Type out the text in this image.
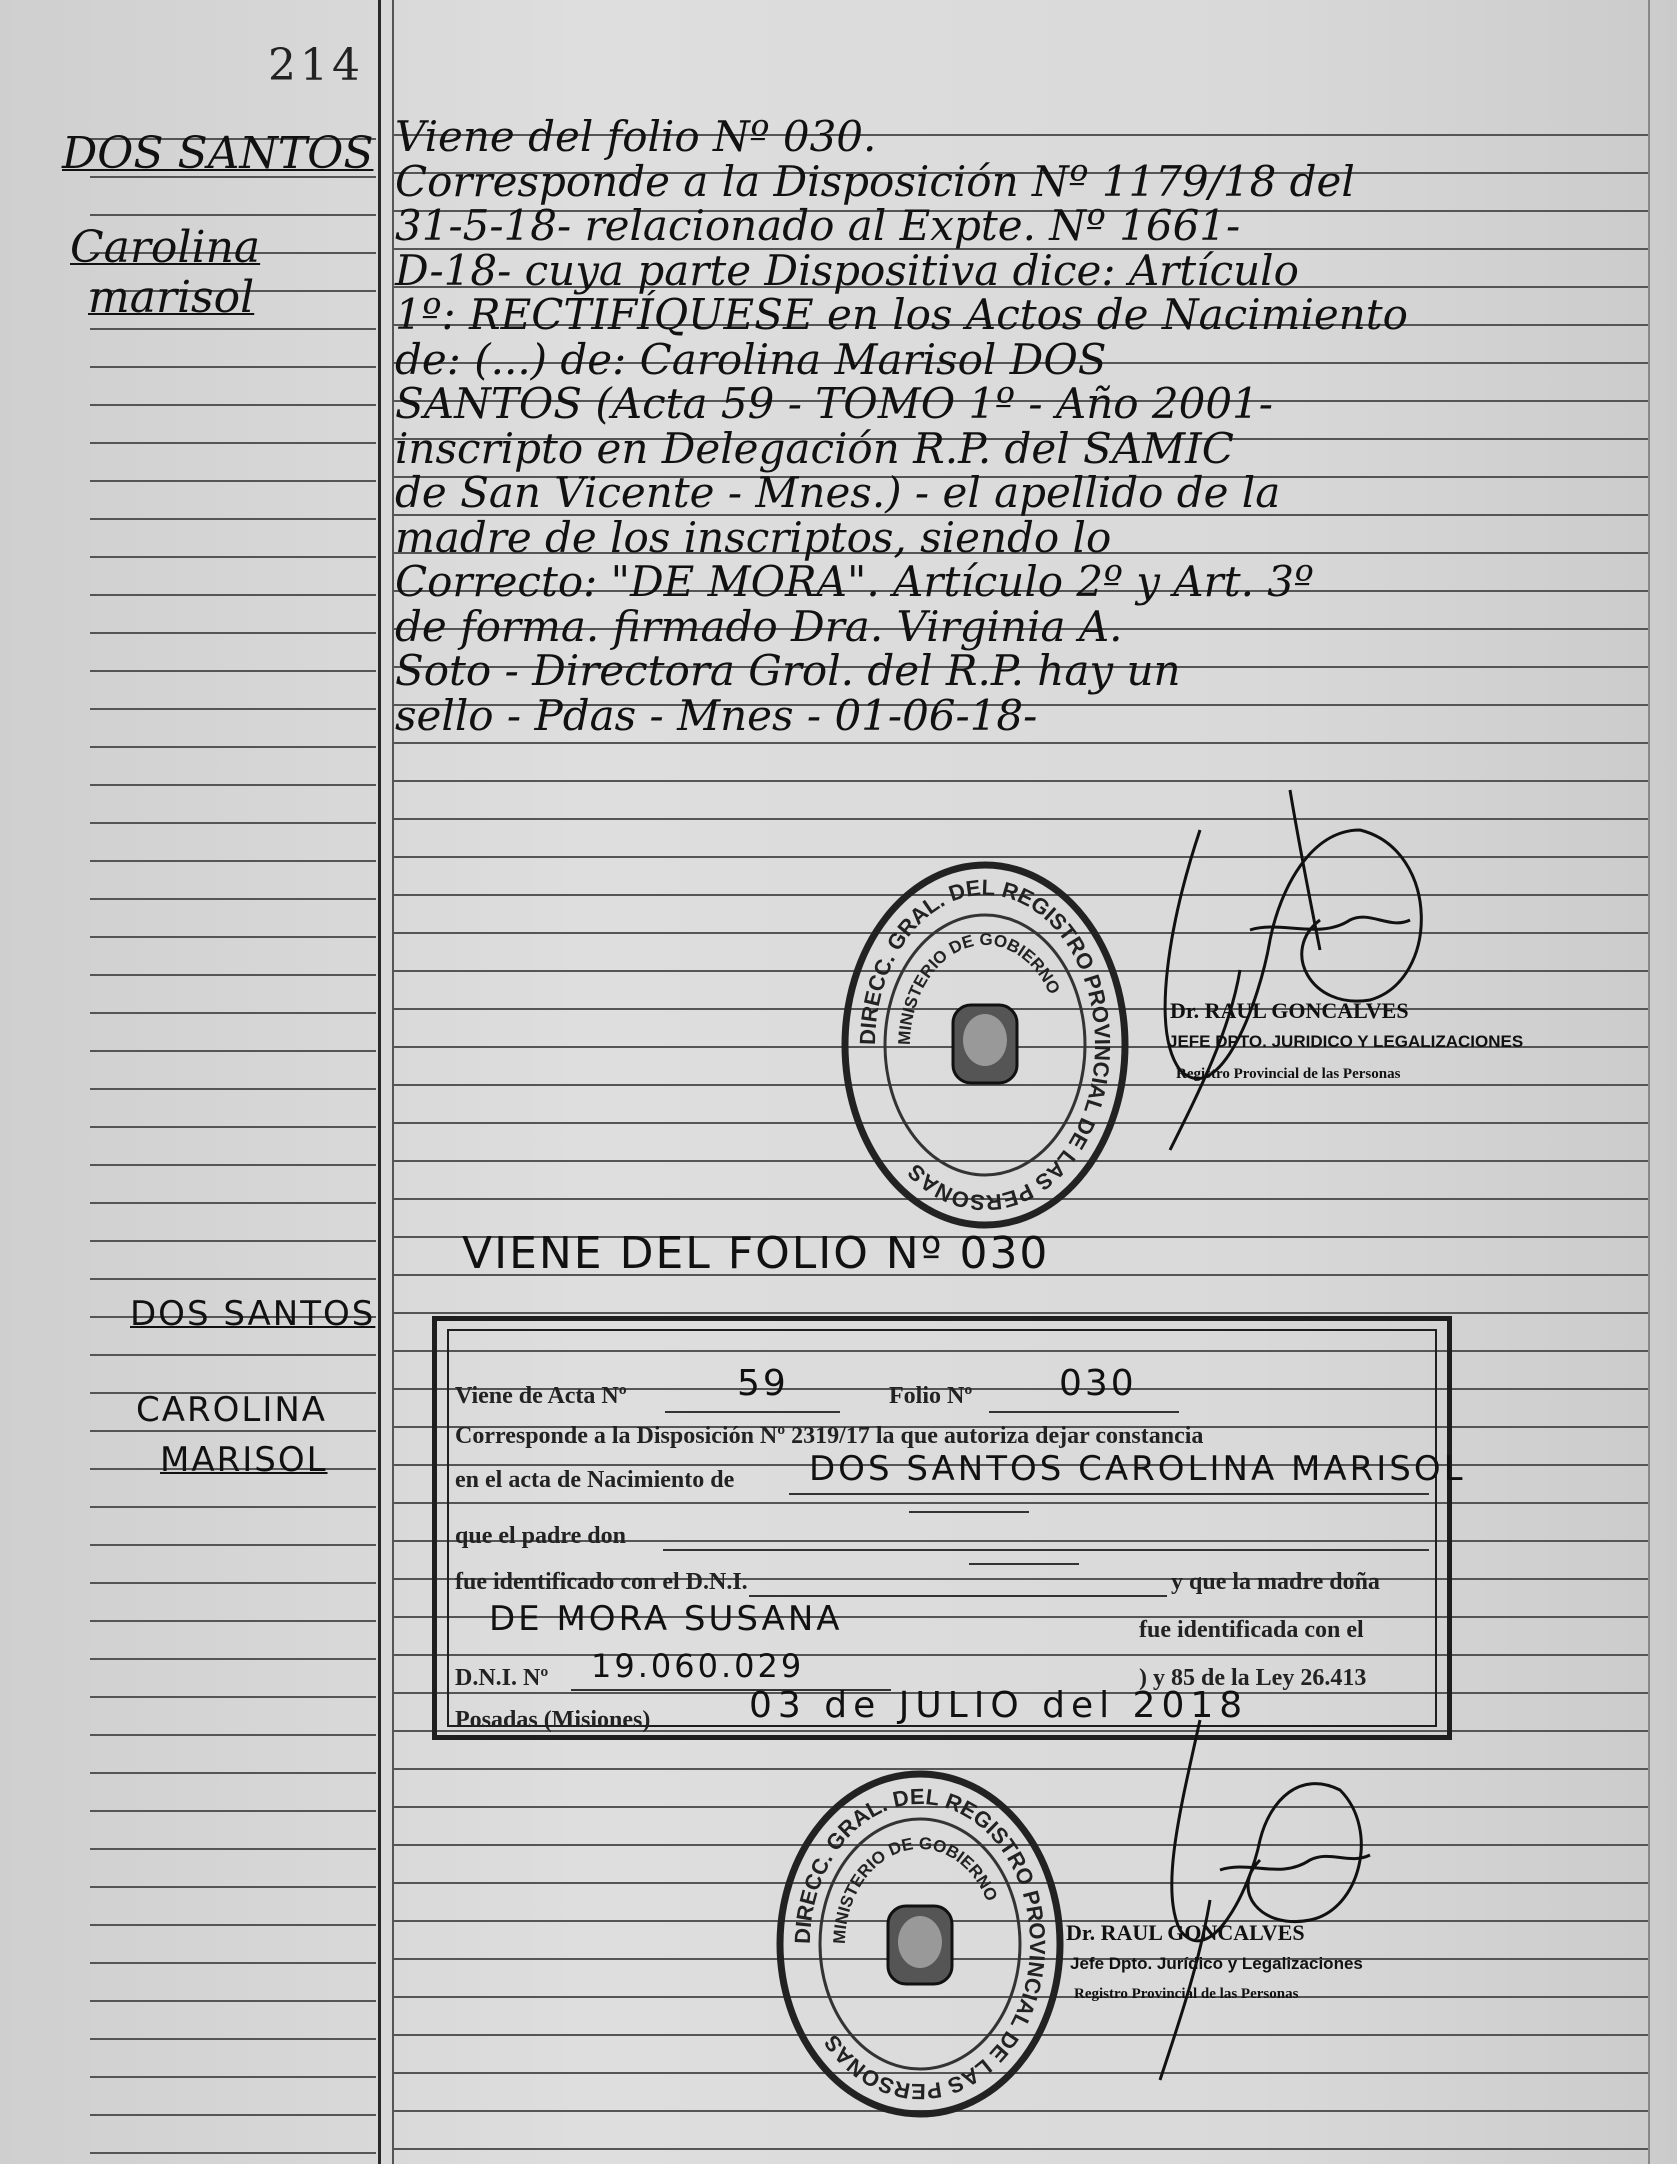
214
DOS SANTOS
Carolina
marisol
Viene del folio Nº 030.
Corresponde a la Disposición Nº 1179/18 del
31-5-18- relacionado al Expte. Nº 1661-
D-18- cuya parte Dispositiva dice: Artículo
1º: RECTIFÍQUESE en los Actos de Nacimiento
de: (...) de: Carolina Marisol DOS
SANTOS (Acta 59 - TOMO 1º - Año 2001-
inscripto en Delegación R.P. del SAMIC
de San Vicente - Mnes.) - el apellido de la
madre de los inscriptos, siendo lo
Correcto: "DE MORA". Artículo 2º y Art. 3º
de forma. firmado Dra. Virginia A.
Soto - Directora Grol. del R.P. hay un
sello - Pdas - Mnes - 01-06-18-
DIRECC. GRAL. DEL REGISTRO PROVINCIAL DE LAS PERSONAS
MINISTERIO DE GOBIERNO
Dr. RAUL GONCALVES
JEFE DPTO. JURIDICO Y LEGALIZACIONES
Registro Provincial de las Personas
VIENE DEL FOLIO Nº 030
DOS SANTOS
CAROLINA
MARISOL
Viene de Acta Nº	59	Folio Nº 030
Corresponde a la Disposición Nº 2319/17 la que autoriza dejar constancia
en el acta de Nacimiento de DOS SANTOS CAROLINA MARISOL
que el padre don
fue identificado con el D.N.I.	y que la madre doña
DE MORA SUSANA	fue identificada con el
D.N.I. Nº 19.060.029	) y 85 de la Ley 26.413
Posadas (Misiones)	03 de JULIO del 2018
DIRECC. GRAL. DEL REGISTRO PROVINCIAL DE LAS PERSONAS
MINISTERIO DE GOBIERNO
Dr. RAUL GONCALVES
Jefe Dpto. Jurídico y Legalizaciones
Registro Provincial de las Personas
